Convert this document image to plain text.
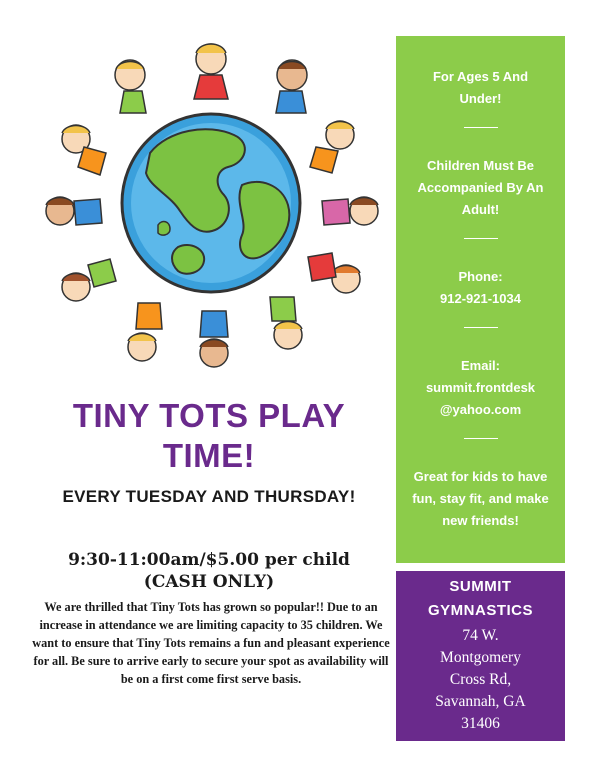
TINY TOTS PLAY TIME!
EVERY TUESDAY AND THURSDAY!
9:30-11:00am/$5.00 per child
(CASH ONLY)
We are thrilled that Tiny Tots has grown so popular!! Due to an increase in attendance we are limiting capacity to 35 children. We want to ensure that Tiny Tots remains a fun and pleasant experience for all. Be sure to arrive early to secure your spot as availability will be on a first come first serve basis.
For Ages 5 And Under!
Children Must Be Accompanied By An Adult!
Phone:
912-921-1034
Email:
summit.frontdesk
@yahoo.com
Great for kids to have fun, stay fit, and make new friends!
SUMMIT GYMNASTICS
74 W.
Montgomery
Cross Rd,
Savannah, GA
31406
